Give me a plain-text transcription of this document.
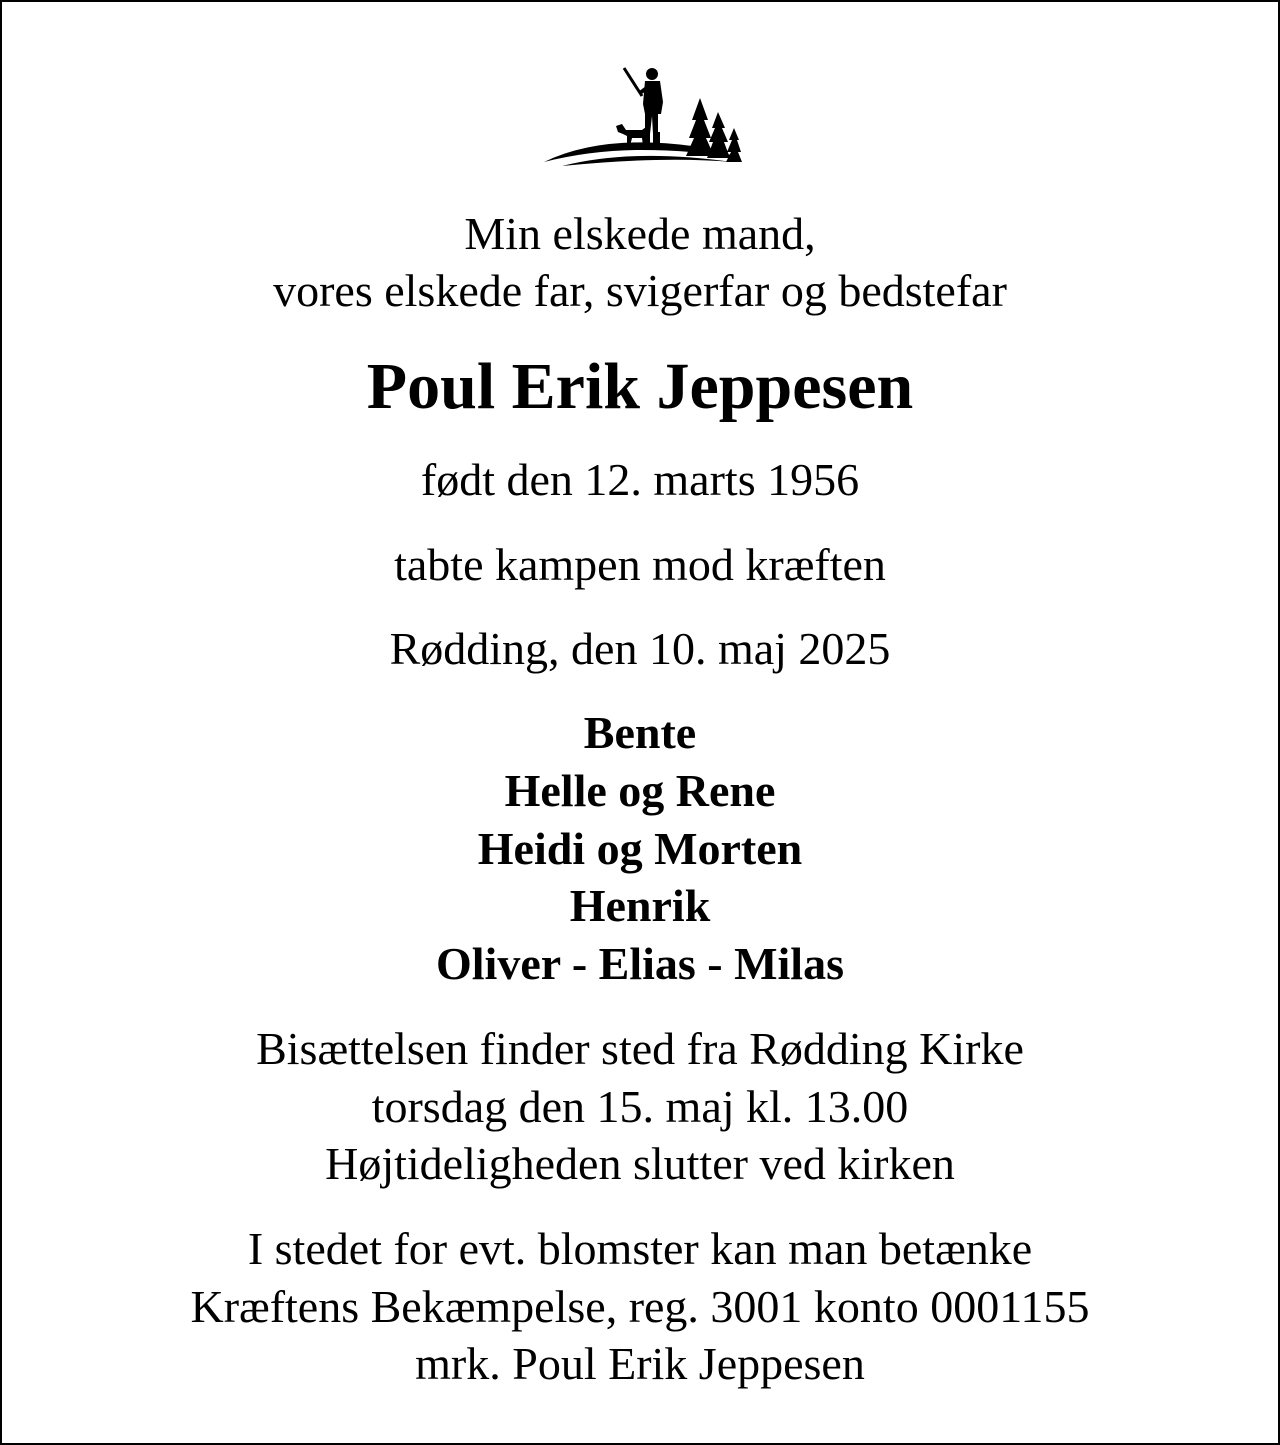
Min elskede mand,
vores elskede far, svigerfar og bedstefar
Poul Erik Jeppesen
født den 12. marts 1956
tabte kampen mod kræften
Rødding, den 10. maj 2025
Bente
Helle og Rene
Heidi og Morten
Henrik
Oliver - Elias - Milas
Bisættelsen finder sted fra Rødding Kirke
torsdag den 15. maj kl. 13.00
Højtideligheden slutter ved kirken
I stedet for evt. blomster kan man betænke
Kræftens Bekæmpelse, reg. 3001 konto 0001155
mrk. Poul Erik Jeppesen
